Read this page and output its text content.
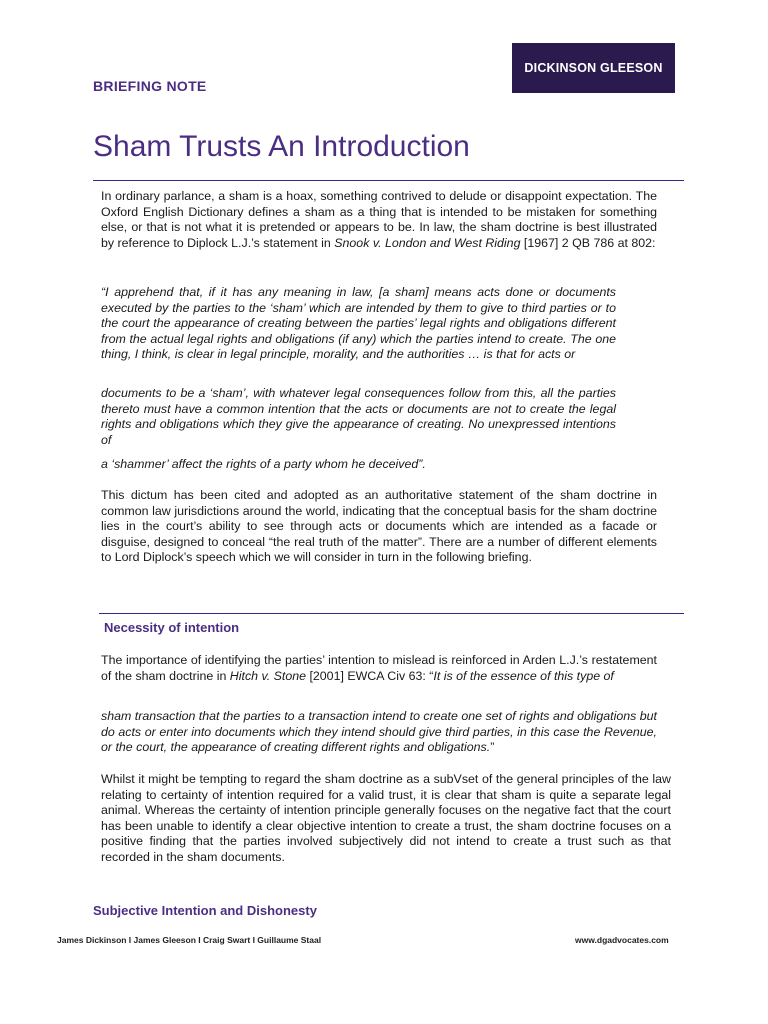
DICKINSON GLEESON
BRIEFING NOTE
Sham Trusts An Introduction

In ordinary parlance, a sham is a hoax, something contrived to delude or disappoint expectation. The Oxford English Dictionary defines a sham as a thing that is intended to be mistaken for something else, or that is not what it is pretended or appears to be. In law, the sham doctrine is best illustrated by reference to Diplock L.J.’s statement in Snook v. London and West Riding [1967] 2 QB 786 at 802:

“I apprehend that, if it has any meaning in law, [a sham] means acts done or documents executed by the parties to the ‘sham’ which are intended by them to give to third parties or to the court the appearance of creating between the parties’ legal rights and obligations different from the actual legal rights and obligations (if any) which the parties intend to create. The one thing, I think, is clear in legal principle, morality, and the authorities … is that for acts or

documents to be a ‘sham’, with whatever legal consequences follow from this, all the parties thereto must have a common intention that the acts or documents are not to create the legal rights and obligations which they give the appearance of creating. No unexpressed intentions of

a ‘shammer’ affect the rights of a party whom he deceived”.

This dictum has been cited and adopted as an authoritative statement of the sham doctrine in common law jurisdictions around the world, indicating that the conceptual basis for the sham doctrine lies in the court’s ability to see through acts or documents which are intended as a facade or disguise, designed to conceal “the real truth of the matter”. There are a number of different elements to Lord Diplock’s speech which we will consider in turn in the following briefing.

Necessity of intention

The importance of identifying the parties’ intention to mislead is reinforced in Arden L.J.’s restatement of the sham doctrine in Hitch v. Stone [2001] EWCA Civ 63: “It is of the essence of this type of

sham transaction that the parties to a transaction intend to create one set of rights and obligations but do acts or enter into documents which they intend should give third parties, in this case the Revenue, or the court, the appearance of creating different rights and obligations.”

Whilst it might be tempting to regard the sham doctrine as a subVset of the general principles of the law relating to certainty of intention required for a valid trust, it is clear that sham is quite a separate legal animal. Whereas the certainty of intention principle generally focuses on the negative fact that the court has been unable to identify a clear objective intention to create a trust, the sham doctrine focuses on a positive finding that the parties involved subjectively did not intend to create a trust such as that recorded in the sham documents.

Subjective Intention and Dishonesty
James Dickinson I James Gleeson I Craig Swart I Guillaume Staal	www.dgadvocates.com
